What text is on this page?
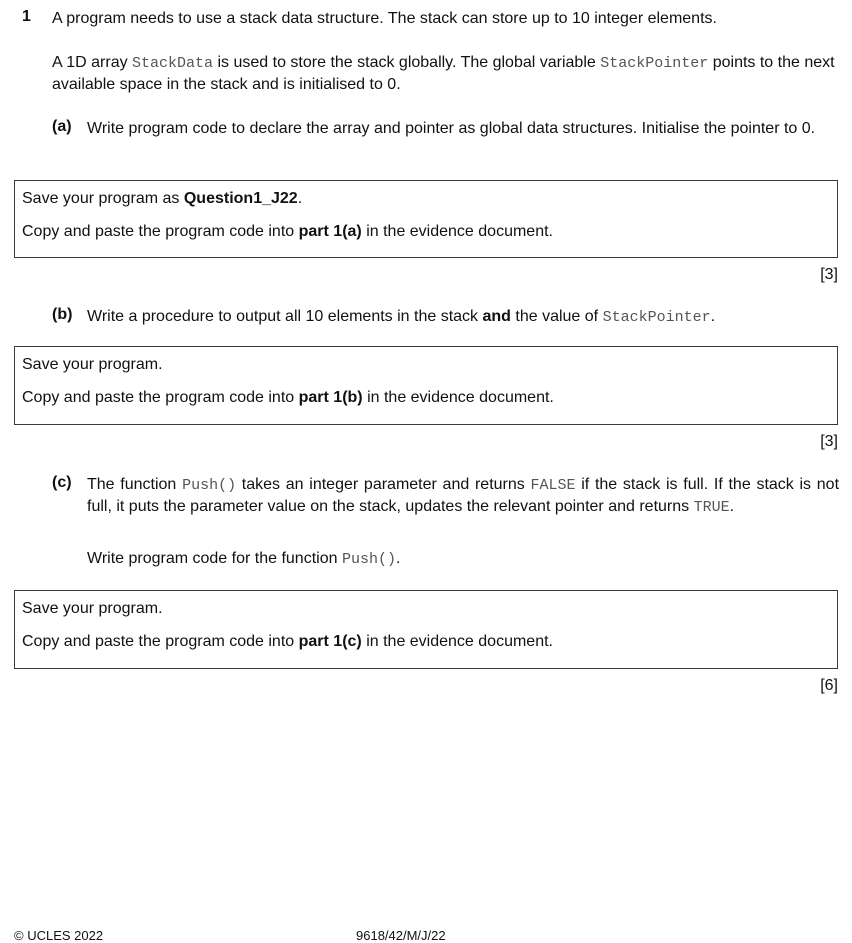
1 A program needs to use a stack data structure. The stack can store up to 10 integer elements.
A 1D array StackData is used to store the stack globally. The global variable StackPointer points to the next available space in the stack and is initialised to 0.
(a) Write program code to declare the array and pointer as global data structures. Initialise the pointer to 0.

Save your program as Question1_J22.

Copy and paste the program code into part 1(a) in the evidence document.

[3]
(b) Write a procedure to output all 10 elements in the stack and the value of StackPointer.

Save your program.

Copy and paste the program code into part 1(b) in the evidence document.

[3]
(c) The function Push() takes an integer parameter and returns FALSE if the stack is full. If the stack is not full, it puts the parameter value on the stack, updates the relevant pointer and returns TRUE.
Write program code for the function Push().

Save your program.

Copy and paste the program code into part 1(c) in the evidence document.

[6]
© UCLES 2022	9618/42/M/J/22
